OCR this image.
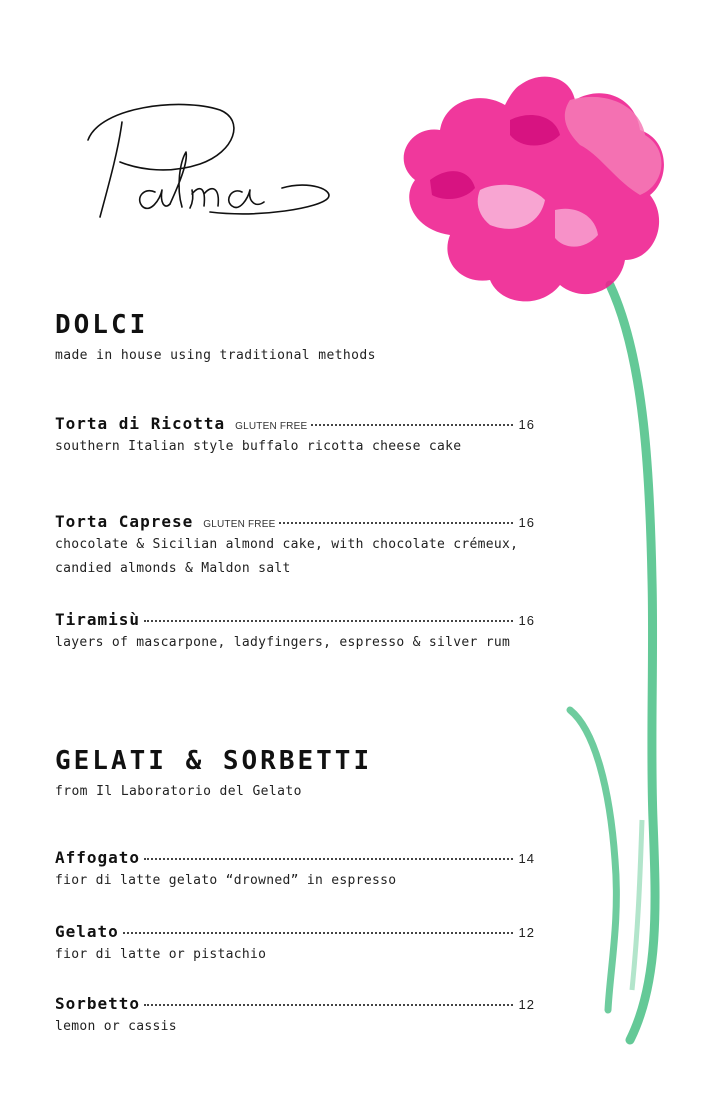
DOLCI

made in house using traditional methods

Torta di Ricotta GLUTEN FREE	16
southern Italian style buffalo ricotta cheese cake
Torta Caprese GLUTEN FREE	16
chocolate & Sicilian almond cake, with chocolate crémeux, candied almonds & Maldon salt
Tiramisù	16
layers of mascarpone, ladyfingers, espresso & silver rum
GELATI & SORBETTI

from Il Laboratorio del Gelato

Affogato	14
fior di latte gelato “drowned” in espresso
Gelato	12
fior di latte or pistachio
Sorbetto	12
lemon or cassis
